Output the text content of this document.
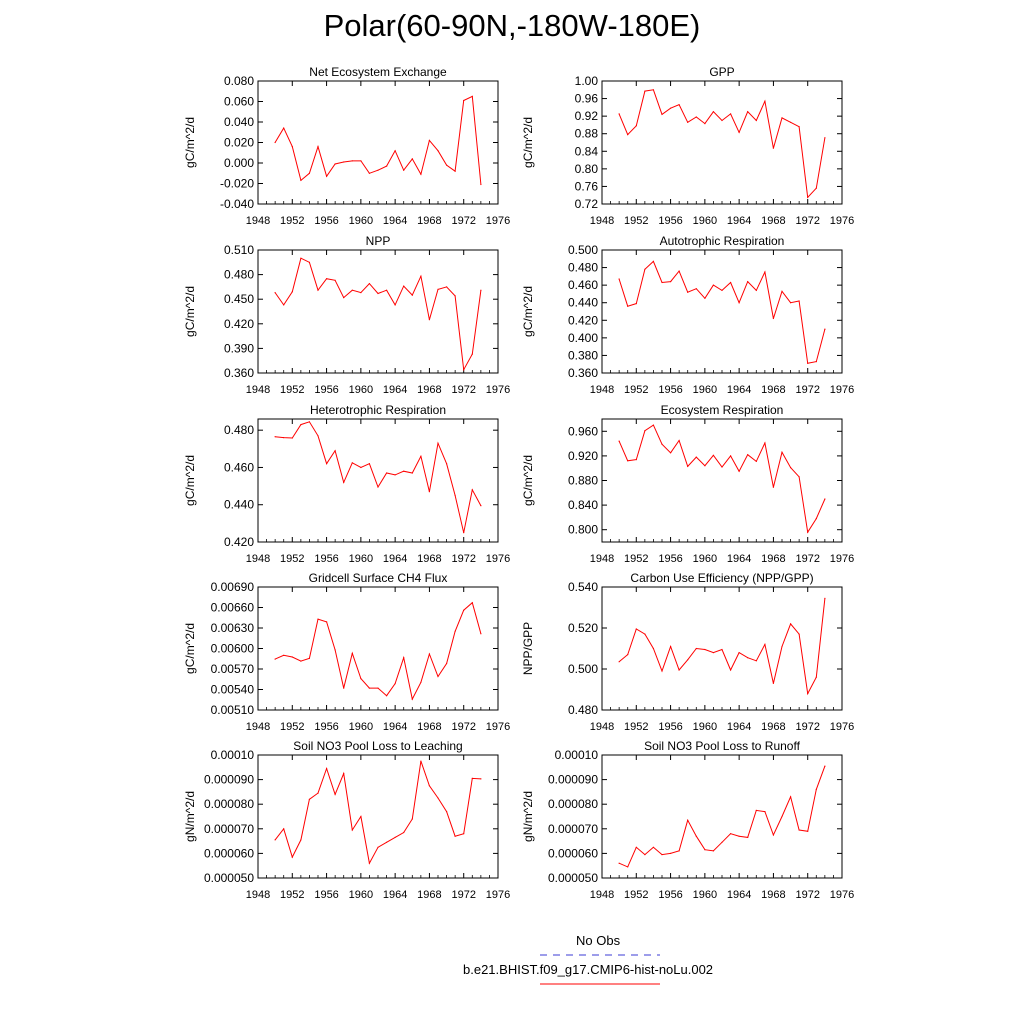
Polar(60-90N,-180W-180E)
Net Ecosystem Exchange
1948 1952 1956 1960 1964 1968 1972 1976
-0.040
-0.020
0.000
0.020
0.040
0.060
0.080
gC/m^2/d
GPP
1948 1952 1956 1960 1964 1968 1972 1976
0.72
0.76
0.80
0.84
0.88
0.92
0.96
1.00
gC/m^2/d
NPP
1948 1952 1956 1960 1964 1968 1972 1976
0.360
0.390
0.420
0.450
0.480
0.510
gC/m^2/d
Autotrophic Respiration
1948 1952 1956 1960 1964 1968 1972 1976
0.360
0.380
0.400
0.420
0.440
0.460
0.480
0.500
gC/m^2/d
Heterotrophic Respiration
1948 1952 1956 1960 1964 1968 1972 1976
0.420
0.440
0.460
0.480
gC/m^2/d
Ecosystem Respiration
1948 1952 1956 1960 1964 1968 1972 1976
0.800
0.840
0.880
0.920
0.960
gC/m^2/d
Gridcell Surface CH4 Flux
1948 1952 1956 1960 1964 1968 1972 1976
0.00510
0.00540
0.00570
0.00600
0.00630
0.00660
0.00690
gC/m^2/d
Carbon Use Efficiency (NPP/GPP)
1948 1952 1956 1960 1964 1968 1972 1976
0.480
0.500
0.520
0.540
NPP/GPP
Soil NO3 Pool Loss to Leaching
1948 1952 1956 1960 1964 1968 1972 1976
0.000050
0.000060
0.000070
0.000080
0.000090
0.00010
gN/m^2/d
Soil NO3 Pool Loss to Runoff
1948 1952 1956 1960 1964 1968 1972 1976
0.000050
0.000060
0.000070
0.000080
0.000090
0.00010
gN/m^2/d
No Obs
b.e21.BHIST.f09_g17.CMIP6-hist-noLu.002
